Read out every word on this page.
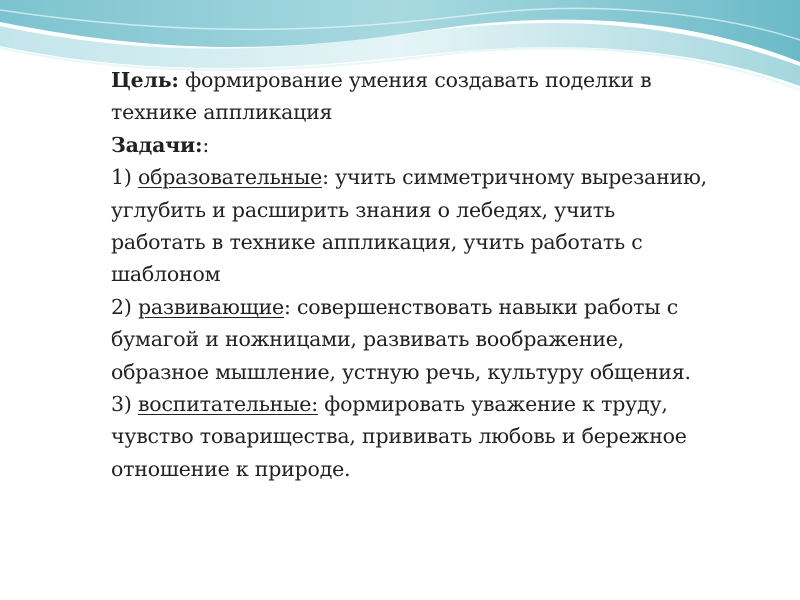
Цель: формирование умения создавать поделки в технике аппликация

Задачи::

1) образовательные: учить симметричному вырезанию, углубить и расширить знания о лебедях, учить работать в технике аппликация, учить работать с шаблоном

2) развивающие: совершенствовать навыки работы с бумагой и ножницами, развивать воображение, образное мышление, устную речь, культуру общения.

3) воспитательные: формировать уважение к труду, чувство товарищества, прививать любовь и бережное отношение к природе.
